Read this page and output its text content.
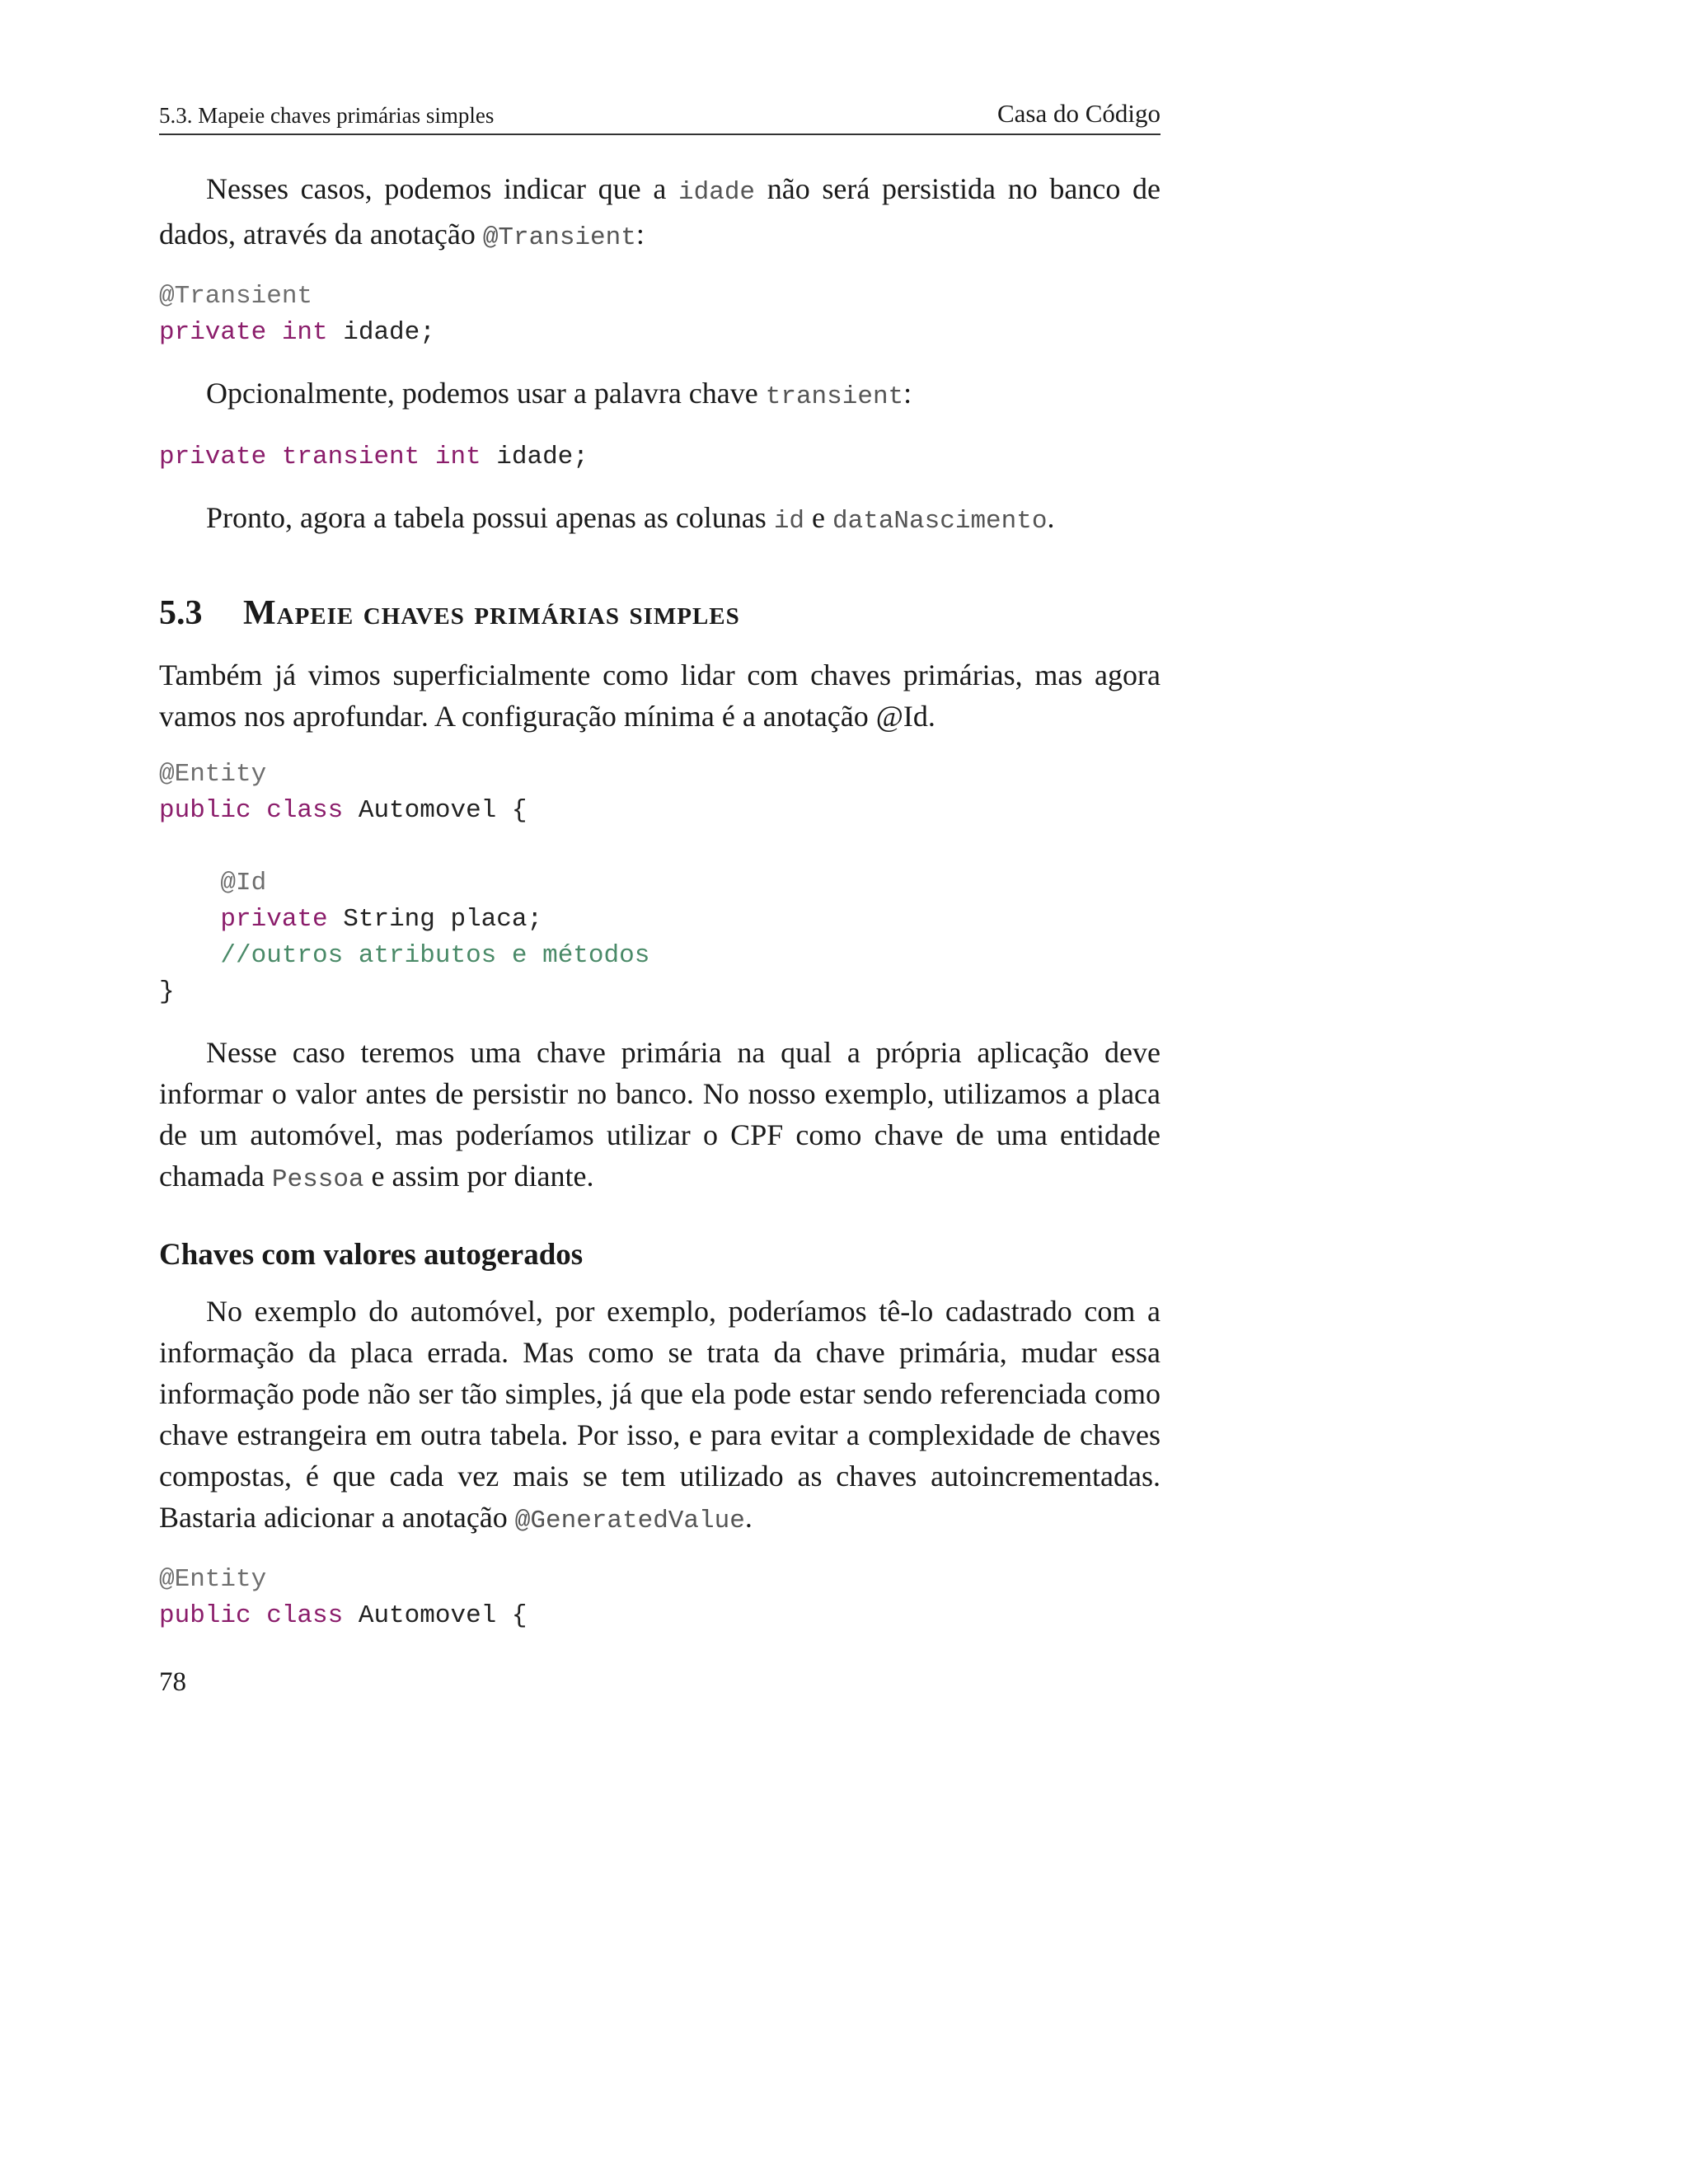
5.3. Mapeie chaves primárias simples	Casa do Código

Nesses casos, podemos indicar que a idade não será persistida no banco de dados, através da anotação @Transient:

@Transient
private int idade;

Opcionalmente, podemos usar a palavra chave transient:

private transient int idade;

Pronto, agora a tabela possui apenas as colunas id e dataNascimento.

5.3	Mapeie chaves primárias simples

Também já vimos superficialmente como lidar com chaves primárias, mas agora vamos nos aprofundar. A configuração mínima é a anotação @Id.

@Entity
public class Automovel {

@Id
private String placa;
//outros atributos e métodos
}

Nesse caso teremos uma chave primária na qual a própria aplicação deve informar o valor antes de persistir no banco. No nosso exemplo, utilizamos a placa de um automóvel, mas poderíamos utilizar o CPF como chave de uma entidade chamada Pessoa e assim por diante.

Chaves com valores autogerados

No exemplo do automóvel, por exemplo, poderíamos tê-lo cadastrado com a informação da placa errada. Mas como se trata da chave primária, mudar essa informação pode não ser tão simples, já que ela pode estar sendo referenciada como chave estrangeira em outra tabela. Por isso, e para evitar a complexidade de chaves compostas, é que cada vez mais se tem utilizado as chaves autoincrementadas. Bastaria adicionar a anotação @GeneratedValue.

@Entity
public class Automovel {
78
